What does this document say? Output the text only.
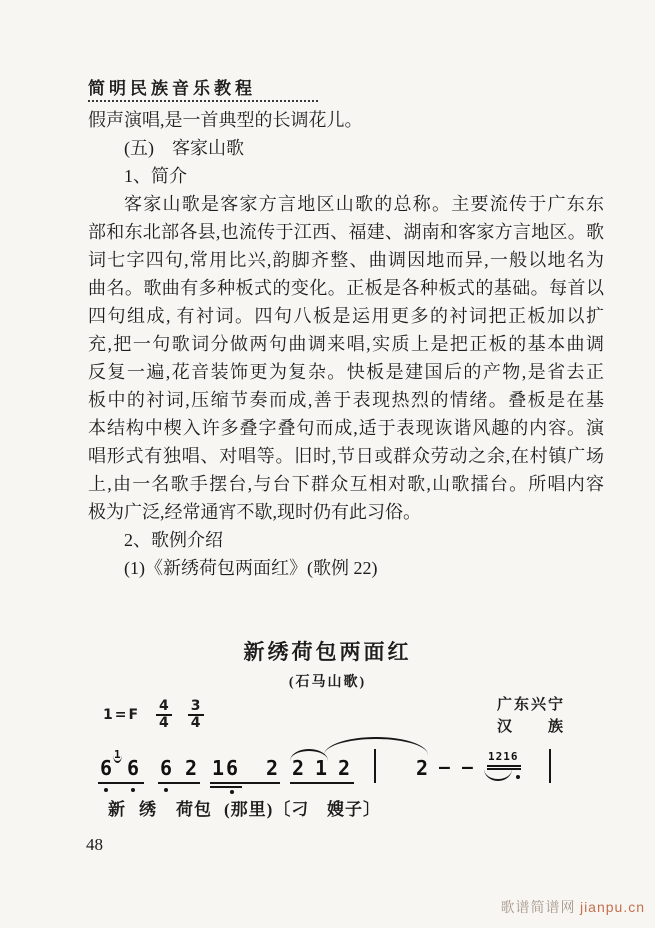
简明民族音乐教程
假声演唱,是一首典型的长调花儿。
(五)　客家山歌
1、简介
客家山歌是客家方言地区山歌的总称。主要流传于广东东
部和东北部各县,也流传于江西、福建、湖南和客家方言地区。歌
词七字四句,常用比兴,韵脚齐整、曲调因地而异,一般以地名为
曲名。歌曲有多种板式的变化。正板是各种板式的基础。每首以
四句组成, 有衬词。四句八板是运用更多的衬词把正板加以扩
充,把一句歌词分做两句曲调来唱,实质上是把正板的基本曲调
反复一遍,花音装饰更为复杂。快板是建国后的产物,是省去正
板中的衬词,压缩节奏而成,善于表现热烈的情绪。叠板是在基
本结构中楔入许多叠字叠句而成,适于表现诙谐风趣的内容。演
唱形式有独唱、对唱等。旧时,节日或群众劳动之余,在村镇广场
上,由一名歌手摆台,与台下群众互相对歌,山歌擂台。所唱内容
极为广泛,经常通宵不歇,现时仍有此习俗。
2、歌例介绍
(1)《新绣荷包两面红》(歌例 22)
新绣荷包两面红
(石马山歌)
$1=F \frac{4}{4} \frac{3}{4}$	广东兴宁
汉　　族
6
1
6 6 2 1 6 2 2 1 2	2 — —
1216
新 绣 荷包 (那里)〔刁 嫂子〕
48
歌谱简谱网 jianpu.cn
